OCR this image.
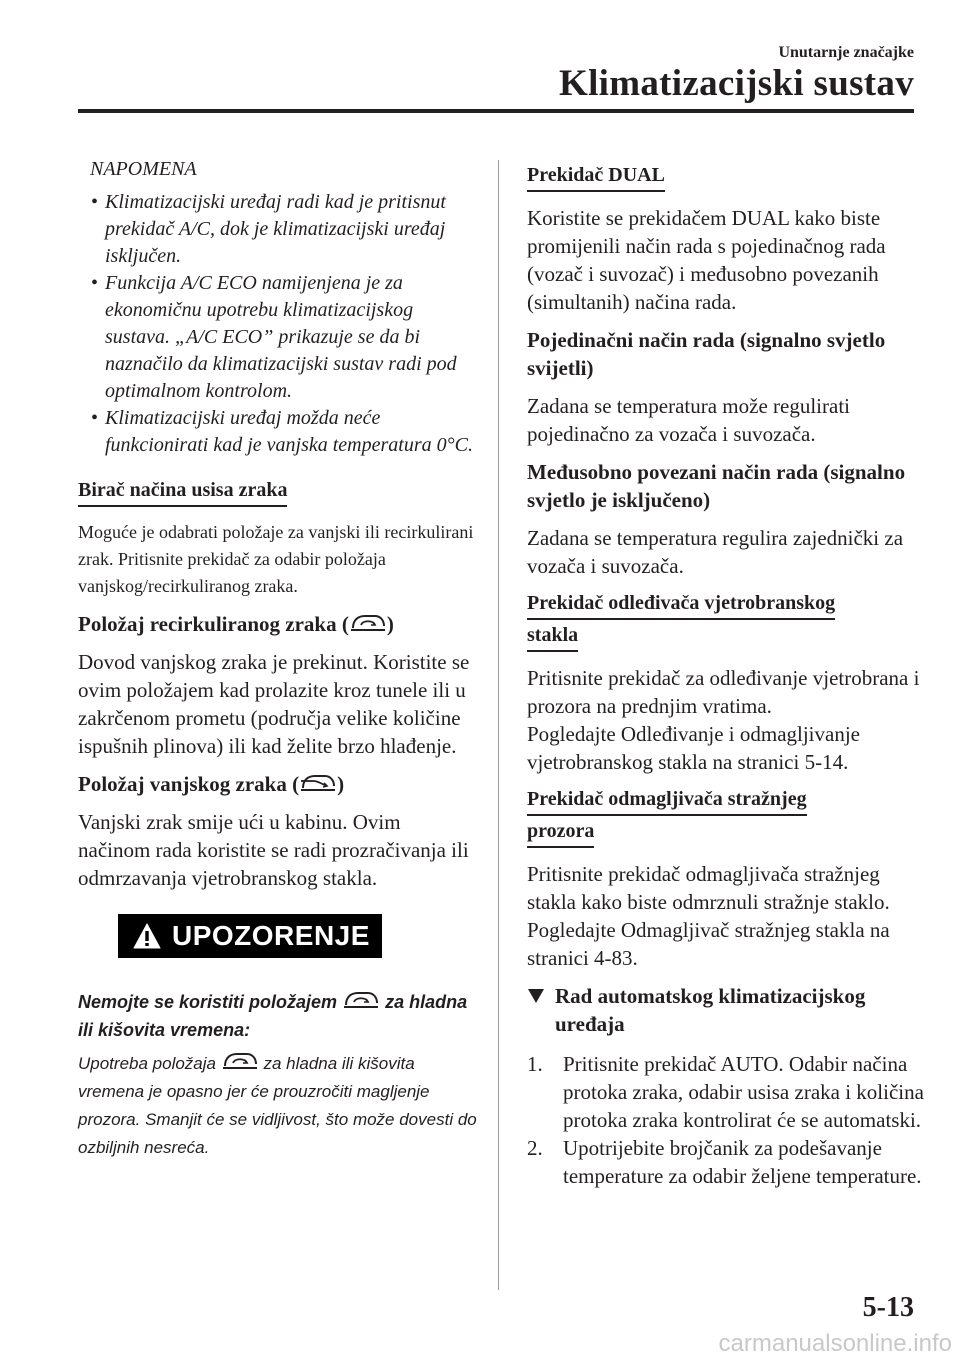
Unutarnje značajke
Klimatizacijski sustav
NAPOMENA
• Klimatizacijski uređaj radi kad je pritisnut prekidač A/C, dok je klimatizacijski uređaj isključen.
• Funkcija A/C ECO namijenjena je za ekonomičnu upotrebu klimatizacijskog sustava. „A/C ECO” prikazuje se da bi naznačilo da klimatizacijski sustav radi pod optimalnom kontrolom.
• Klimatizacijski uređaj možda neće funkcionirati kad je vanjska temperatura 0°C.
Birač načina usisa zraka

Moguće je odabrati položaje za vanjski ili recirkulirani zrak. Pritisnite prekidač za odabir položaja vanjskog/recirkuliranog zraka.

Položaj recirkuliranog zraka ( )

Dovod vanjskog zraka je prekinut. Koristite se ovim položajem kad prolazite kroz tunele ili u zakrčenom prometu (područja velike količine ispušnih plinova) ili kad želite brzo hlađenje.

Položaj vanjskog zraka ( )

Vanjski zrak smije ući u kabinu. Ovim načinom rada koristite se radi prozračivanja ili odmrzavanja vjetrobranskog stakla.

UPOZORENJE

Nemojte se koristiti položajem	za hladna ili kišovita vremena:

Upotreba položaja	za hladna ili kišovita vremena je opasno jer će prouzročiti magljenje prozora. Smanjit će se vidljivost, što može dovesti do ozbiljnih nesreća.

Prekidač DUAL

Koristite se prekidačem DUAL kako biste promijenili način rada s pojedinačnog rada (vozač i suvozač) i međusobno povezanih (simultanih) načina rada.

Pojedinačni način rada (signalno svjetlo svijetli)

Zadana se temperatura može regulirati pojedinačno za vozača i suvozača.

Međusobno povezani način rada (signalno svjetlo je isključeno)

Zadana se temperatura regulira zajednički za vozača i suvozača.

Prekidač odleđivača vjetrobranskog
stakla

Pritisnite prekidač za odleđivanje vjetrobrana i prozora na prednjim vratima.

Pogledajte Odleđivanje i odmagljivanje vjetrobranskog stakla na stranici 5-14.

Prekidač odmagljivača stražnjeg
prozora

Pritisnite prekidač odmagljivača stražnjeg stakla kako biste odmrznuli stražnje staklo.

Pogledajte Odmagljivač stražnjeg stakla na stranici 4-83.

Rad automatskog klimatizacijskog uređaja

1. Pritisnite prekidač AUTO. Odabir načina protoka zraka, odabir usisa zraka i količina protoka zraka kontrolirat će se automatski.
2. Upotrijebite brojčanik za podešavanje temperature za odabir željene temperature.
5-13
carmanualsonline.info
